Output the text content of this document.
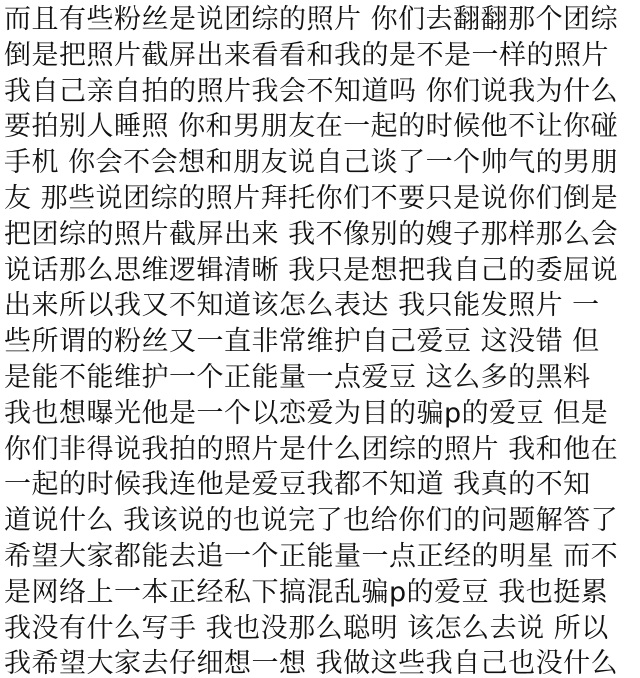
而且有些粉丝是说团综的照片 你们去翻翻那个团综
倒是把照片截屏出来看看和我的是不是一样的照片
我自己亲自拍的照片我会不知道吗 你们说我为什么
要拍别人睡照 你和男朋友在一起的时候他不让你碰
手机 你会不会想和朋友说自己谈了一个帅气的男朋
友 那些说团综的照片拜托你们不要只是说你们倒是
把团综的照片截屏出来 我不像别的嫂子那样那么会
说话那么思维逻辑清晰 我只是想把我自己的委屈说
出来所以我又不知道该怎么表达 我只能发照片 一
些所谓的粉丝又一直非常维护自己爱豆 这没错 但
是能不能维护一个正能量一点爱豆 这么多的黑料
我也想曝光他是一个以恋爱为目的骗p的爱豆 但是
你们非得说我拍的照片是什么团综的照片 我和他在
一起的时候我连他是爱豆我都不知道 我真的不知
道说什么 我该说的也说完了也给你们的问题解答了
希望大家都能去追一个正能量一点正经的明星 而不
是网络上一本正经私下搞混乱骗p的爱豆 我也挺累
我没有什么写手 我也没那么聪明 该怎么去说 所以
我希望大家去仔细想一想 我做这些我自己也没什么
